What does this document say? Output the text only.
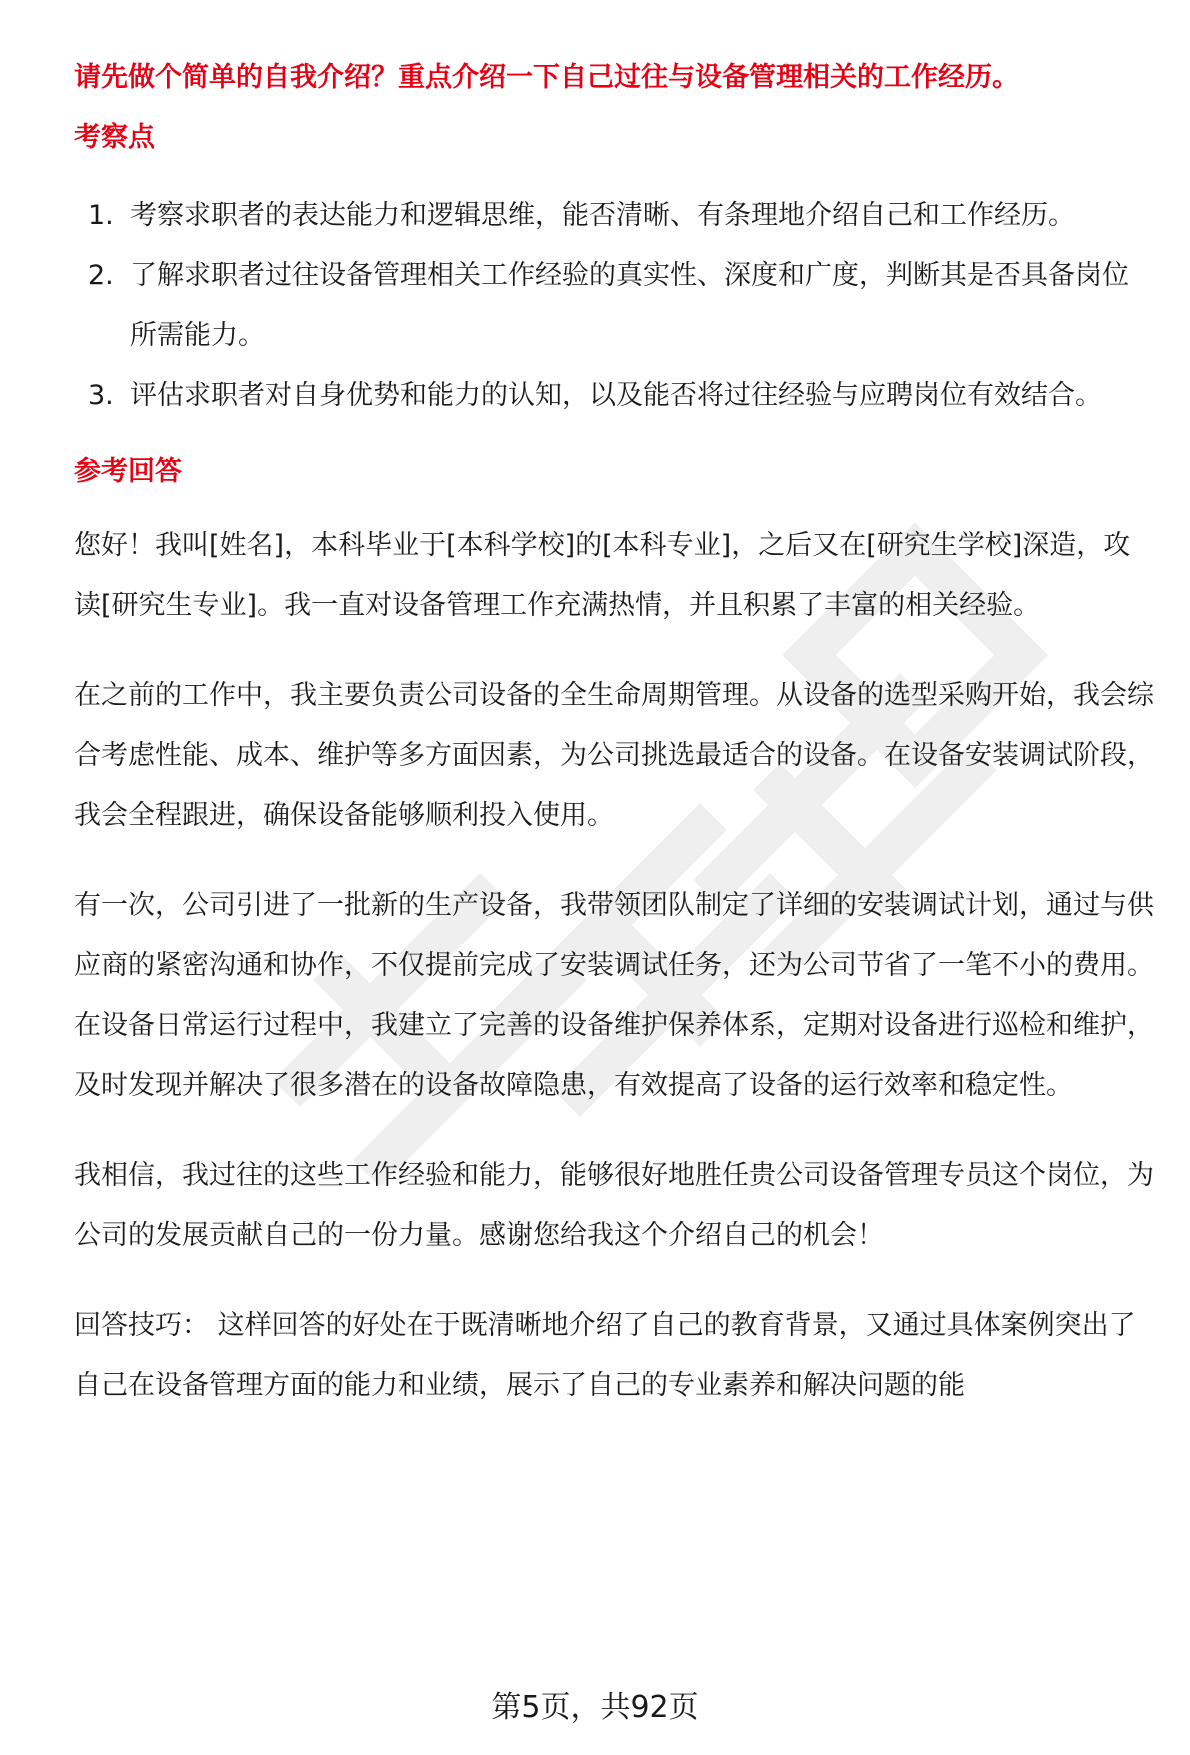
请先做个简单的自我介绍？重点介绍一下自己过往与设备管理相关的工作经历。

考察点

1. 考察求职者的表达能力和逻辑思维，能否清晰、有条理地介绍自己和工作经历。
2. 了解求职者过往设备管理相关工作经验的真实性、深度和广度，判断其是否具备岗位所需能力。
3. 评估求职者对自身优势和能力的认知，以及能否将过往经验与应聘岗位有效结合。

参考回答

您好！我叫[姓名]，本科毕业于[本科学校]的[本科专业]，之后又在[研究生学校]深造，攻读[研究生专业]。我一直对设备管理工作充满热情，并且积累了丰富的相关经验。

在之前的工作中，我主要负责公司设备的全生命周期管理。从设备的选型采购开始，我会综合考虑性能、成本、维护等多方面因素，为公司挑选最适合的设备。在设备安装调试阶段，我会全程跟进，确保设备能够顺利投入使用。

有一次，公司引进了一批新的生产设备，我带领团队制定了详细的安装调试计划，通过与供应商的紧密沟通和协作，不仅提前完成了安装调试任务，还为公司节省了一笔不小的费用。在设备日常运行过程中，我建立了完善的设备维护保养体系，定期对设备进行巡检和维护，及时发现并解决了很多潜在的设备故障隐患，有效提高了设备的运行效率和稳定性。

我相信，我过往的这些工作经验和能力，能够很好地胜任贵公司设备管理专员这个岗位，为公司的发展贡献自己的一份力量。感谢您给我这个介绍自己的机会！

回答技巧： 这样回答的好处在于既清晰地介绍了自己的教育背景，又通过具体案例突出了自己在设备管理方面的能力和业绩，展示了自己的专业素养和解决问题的能

第5页，共92页
